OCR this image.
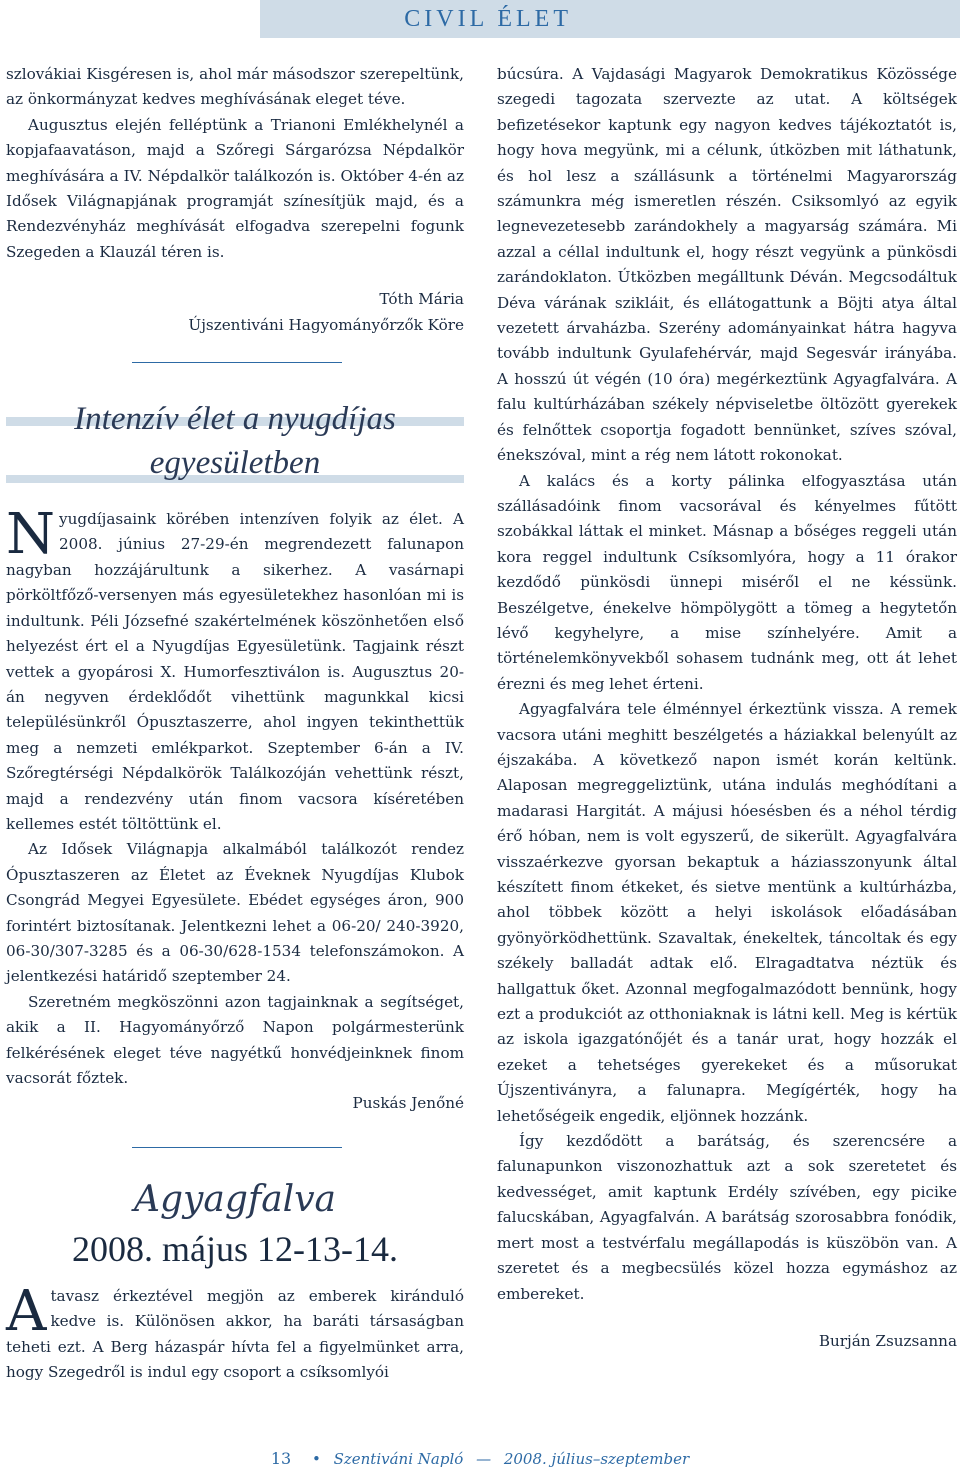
CIVIL ÉLET

szlovákiai Kisgéresen is, ahol már másodszor szerepeltünk, az önkormányzat kedves meghívásának eleget téve.

Augusztus elején felléptünk a Trianoni Emlékhelynél a kopjafaavatáson, majd a Szőregi Sárgarózsa Népdalkör meghívására a IV. Népdalkör találkozón is. Október 4-én az Idősek Világnapjának programját színesítjük majd, és a Rendezvényház meghívását elfogadva szerepelni fogunk Szegeden a Klauzál téren is.

Tóth Mária

Újszentiváni Hagyományőrzők Köre

Intenzív élet a nyugdíjas

egyesületben

N yugdíjasaink körében intenzíven folyik az élet. A 2008. június 27-29-én megrendezett falunapon nagyban hozzájárultunk a sikerhez. A vasárnapi pörköltfőző-versenyen más egyesületekhez hasonlóan mi is indultunk. Péli Józsefné szakértelmének köszönhetően első helyezést ért el a Nyugdíjas Egyesületünk. Tagjaink részt vettek a gyopárosi X. Humorfesztiválon is. Augusztus 20-án negyven érdeklődőt vihettünk magunkkal kicsi településünkről Ópusztaszerre, ahol ingyen tekinthettük meg a nemzeti emlékparkot. Szeptember 6-án a IV. Szőregtérségi Népdalkörök Találkozóján vehettünk részt, majd a rendezvény után finom vacsora kíséretében kellemes estét töltöttünk el.

Az Idősek Világnapja alkalmából találkozót rendez Ópusztaszeren az Életet az Éveknek Nyugdíjas Klubok Csongrád Megyei Egyesülete. Ebédet egységes áron, 900 forintért biztosítanak. Jelentkezni lehet a 06-20/ 240-3920, 06-30/307-3285 és a 06-30/628-1534 telefonszámokon. A jelentkezési határidő szeptember 24.

Szeretném megköszönni azon tagjainknak a segítséget, akik a II. Hagyományőrző Napon polgármesterünk felkérésének eleget téve nagyétkű honvédjeinknek finom vacsorát főztek.

Puskás Jenőné

Agyagfalva

2008. május 12-13-14.

A tavasz érkeztével megjön az emberek kiránduló kedve is. Különösen akkor, ha baráti társaságban teheti ezt. A Berg házaspár hívta fel a figyelmünket arra, hogy Szegedről is indul egy csoport a csíksomlyói

búcsúra. A Vajdasági Magyarok Demokratikus Közössége szegedi tagozata szervezte az utat. A költségek befizetésekor kaptunk egy nagyon kedves tájékoztatót is, hogy hova megyünk, mi a célunk, útközben mit láthatunk, és hol lesz a szállásunk a történelmi Magyarország számunkra még ismeretlen részén. Csiksomlyó az egyik legnevezetesebb zarándokhely a magyarság számára. Mi azzal a céllal indultunk el, hogy részt vegyünk a pünkösdi zarándoklaton. Útközben megálltunk Déván. Megcsodáltuk Déva várának szikláit, és ellátogattunk a Böjti atya által vezetett árvaházba. Szerény adományainkat hátra hagyva tovább indultunk Gyulafehérvár, majd Segesvár irányába. A hosszú út végén (10 óra) megérkeztünk Agyagfalvára. A falu kultúrházában székely népviseletbe öltözött gyerekek és felnőttek csoportja fogadott bennünket, szíves szóval, énekszóval, mint a rég nem látott rokonokat.

A kalács és a korty pálinka elfogyasztása után szállásadóink finom vacsorával és kényelmes fűtött szobákkal láttak el minket. Másnap a bőséges reggeli után kora reggel indultunk Csíksomlyóra, hogy a 11 órakor kezdődő pünkösdi ünnepi miséről el ne késsünk. Beszélgetve, énekelve hömpölygött a tömeg a hegytetőn lévő kegyhelyre, a mise színhelyére. Amit a történelemkönyvekből sohasem tudnánk meg, ott át lehet érezni és meg lehet érteni.

Agyagfalvára tele élménnyel érkeztünk vissza. A remek vacsora utáni meghitt beszélgetés a háziakkal belenyúlt az éjszakába. A következő napon ismét korán keltünk. Alaposan megreggeliztünk, utána indulás meghódítani a madarasi Hargitát. A májusi hóesésben és a néhol térdig érő hóban, nem is volt egyszerű, de sikerült. Agyagfalvára visszaérkezve gyorsan bekaptuk a háziasszonyunk által készített finom étkeket, és sietve mentünk a kultúrházba, ahol többek között a helyi iskolások előadásában gyönyörködhettünk. Szavaltak, énekeltek, táncoltak és egy székely balladát adtak elő. Elragadtatva néztük és hallgattuk őket. Azonnal megfogalmazódott bennünk, hogy ezt a produkciót az otthoniaknak is látni kell. Meg is kértük az iskola igazgatónőjét és a tanár urat, hogy hozzák el ezeket a tehetséges gyerekeket és a műsorukat Újszentiványra, a falunapra. Megígérték, hogy ha lehetőségeik engedik, eljönnek hozzánk.

Így kezdődött a barátság, és szerencsére a falunapunkon viszonozhattuk azt a sok szeretetet és kedvességet, amit kaptunk Erdély szívében, egy picike falucskában, Agyagfalván. A barátság szorosabbra fonódik, mert most a testvérfalu megállapodás is küszöbön van. A szeretet és a megbecsülés közel hozza egymáshoz az embereket.

Burján Zsuzsanna

13 • Szentiváni Napló — 2008. július–szeptember
